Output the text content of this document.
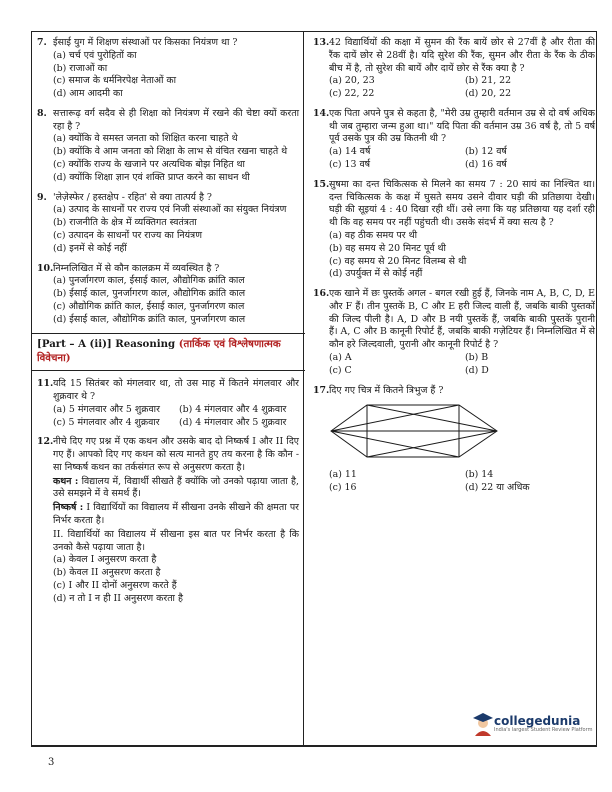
7. ईसाई युग में शिक्षण संस्थाओं पर किसका नियंत्रण था ?
(a) चर्च एवं पुरोहितों का
(b) राजाओं का
(c) समाज के धर्मनिरपेक्ष नेताओं का
(d) आम आदमी का
8. सत्तारूढ़ वर्ग सदैव से ही शिक्षा को नियंत्रण में रखने की चेष्टा क्यों करता रहा है ?
(a) क्योंकि वे समस्त जनता को शिक्षित करना चाहते थे
(b) क्योंकि वे आम जनता को शिक्षा के लाभ से वंचित रखना चाहते थे
(c) क्योंकि राज्य के खजाने पर अत्यधिक बोझ निहित था
(d) क्योंकि शिक्षा ज्ञान एवं शक्ति प्राप्त करने का साधन थी
9. 'लेज़ेस्फेर / हस्तक्षेप - रहित' से क्या तात्पर्य है ?
(a) उत्पाद के साधनों पर राज्य एवं निजी संस्थाओं का संयुक्त नियंत्रण
(b) राजनीति के क्षेत्र में व्यक्तिगत स्वतंत्रता
(c) उत्पादन के साधनों पर राज्य का नियंत्रण
(d) इनमें से कोई नहीं
10. निम्नलिखित में से कौन कालक्रम में व्यवस्थित है ?
(a) पुनर्जागरण काल, ईसाई काल, औद्योगिक क्रांति काल
(b) ईसाई काल, पुनर्जागरण काल, औद्योगिक क्रांति काल
(c) औद्योगिक क्रांति काल, ईसाई काल, पुनर्जागरण काल
(d) ईसाई काल, औद्योगिक क्रांति काल, पुनर्जागरण काल
[Part – A (ii)] Reasoning (तार्किक एवं विश्लेषणात्मक विवेचना)
11. यदि 15 सितंबर को मंगलवार था, तो उस माह में कितने मंगलवार और शुक्रवार थे ?
(a) 5 मंगलवार और 5 शुक्रवार	(b) 4 मंगलवार और 4 शुक्रवार
(c) 5 मंगलवार और 4 शुक्रवार	(d) 4 मंगलवार और 5 शुक्रवार
12. नीचे दिए गए प्रश्न में एक कथन और उसके बाद दो निष्कर्ष I और II दिए गए हैं। आपको दिए गए कथन को सत्य मानते हुए तय करना है कि कौन - सा निष्कर्ष कथन का तर्कसंगत रूप से अनुसरण करता है।
कथन : विद्यालय में, विद्यार्थी सीखते हैं क्योंकि जो उनको पढ़ाया जाता है, उसे समझने में वे समर्थ हैं।
निष्कर्ष : I विद्यार्थियों का विद्यालय में सीखना उनके सीखने की क्षमता पर निर्भर करता है।
II. विद्यार्थियों का विद्यालय में सीखना इस बात पर निर्भर करता है कि उनको कैसे पढ़ाया जाता है।
(a) केवल I अनुसरण करता है
(b) केवल II अनुसरण करता है
(c) I और II दोनों अनुसरण करते हैं
(d) न तो I न ही II अनुसरण करता है
13. 42 विद्यार्थियों की कक्षा में सुमन की रैंक बायें छोर से 27वीं है और रीता की रैंक दायें छोर से 28वीं है। यदि सुरेश की रैंक, सुमन और रीता के रैंक के ठीक बीच में है, तो सुरेश की बायें और दायें छोर से रैंक क्या है ?
(a) 20, 23	(b) 21, 22
(c) 22, 22	(d) 20, 22
14. एक पिता अपने पुत्र से कहता है, "मेरी उम्र तुम्हारी वर्तमान उम्र से दो वर्ष अधिक थी जब तुम्हारा जन्म हुआ था।" यदि पिता की वर्तमान उम्र 36 वर्ष है, तो 5 वर्ष पूर्व उसके पुत्र की उम्र कितनी थी ?
(a) 14 वर्ष	(b) 12 वर्ष
(c) 13 वर्ष	(d) 16 वर्ष
15. सुषमा का दन्त चिकित्सक से मिलने का समय 7 : 20 सायं का निश्चित था। दन्त चिकित्सक के कक्ष में घुसते समय उसने दीवार घड़ी की प्रतिछाया देखी। घड़ी की सूइयां 4 : 40 दिखा रही थीं। उसे लगा कि यह प्रतिछाया यह दर्शा रही थी कि वह समय पर नहीं पहुंचती थी। उसके संदर्भ में क्या सत्य है ?
(a) वह ठीक समय पर थी
(b) वह समय से 20 मिनट पूर्व थी
(c) वह समय से 20 मिनट विलम्ब से थी
(d) उपर्युक्त में से कोई नहीं
16. एक खाने में छः पुस्तकें अगल - बगल रखी हुई हैं, जिनके नाम A, B, C, D, E और F हैं। तीन पुस्तकें B, C और E हरी जिल्द वाली हैं, जबकि बाकी पुस्तकों की जिल्द पीली है। A, D और B नयी पुस्तकें हैं, जबकि बाकी पुस्तकें पुरानी हैं। A, C और B कानूनी रिपोर्ट हैं, जबकि बाकी गज़ेटियर हैं। निम्नलिखित में से कौन हरे जिल्दवाली, पुरानी और कानूनी रिपोर्ट है ?
(a) A	(b) B
(c) C	(d) D
17. दिए गए चित्र में कितने त्रिभुज हैं ?
(a) 11	(b) 14
(c) 16	(d) 22 या अधिक
collegedunia
India's largest Student Review Platform
3
